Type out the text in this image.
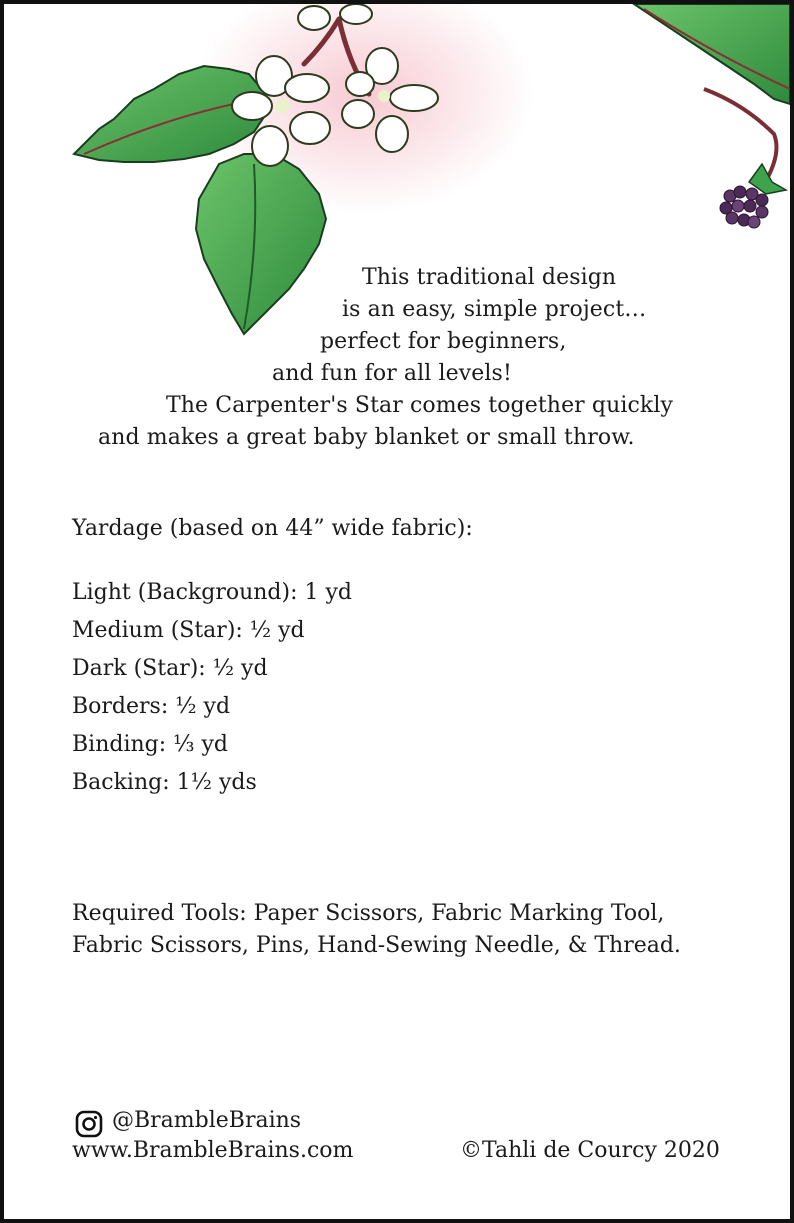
This traditional design
is an easy, simple project…
perfect for beginners,
and fun for all levels!
The Carpenter's Star comes together quickly
and makes a great baby blanket or small throw.
Yardage (based on 44” wide fabric):
Light (Background): 1 yd
Medium (Star): ½ yd
Dark (Star): ½ yd
Borders: ½ yd
Binding: ⅓ yd
Backing: 1½ yds
Required Tools: Paper Scissors, Fabric Marking Tool,
Fabric Scissors, Pins, Hand-Sewing Needle, & Thread.
@BrambleBrains
www.BrambleBrains.com	©Tahli de Courcy 2020
